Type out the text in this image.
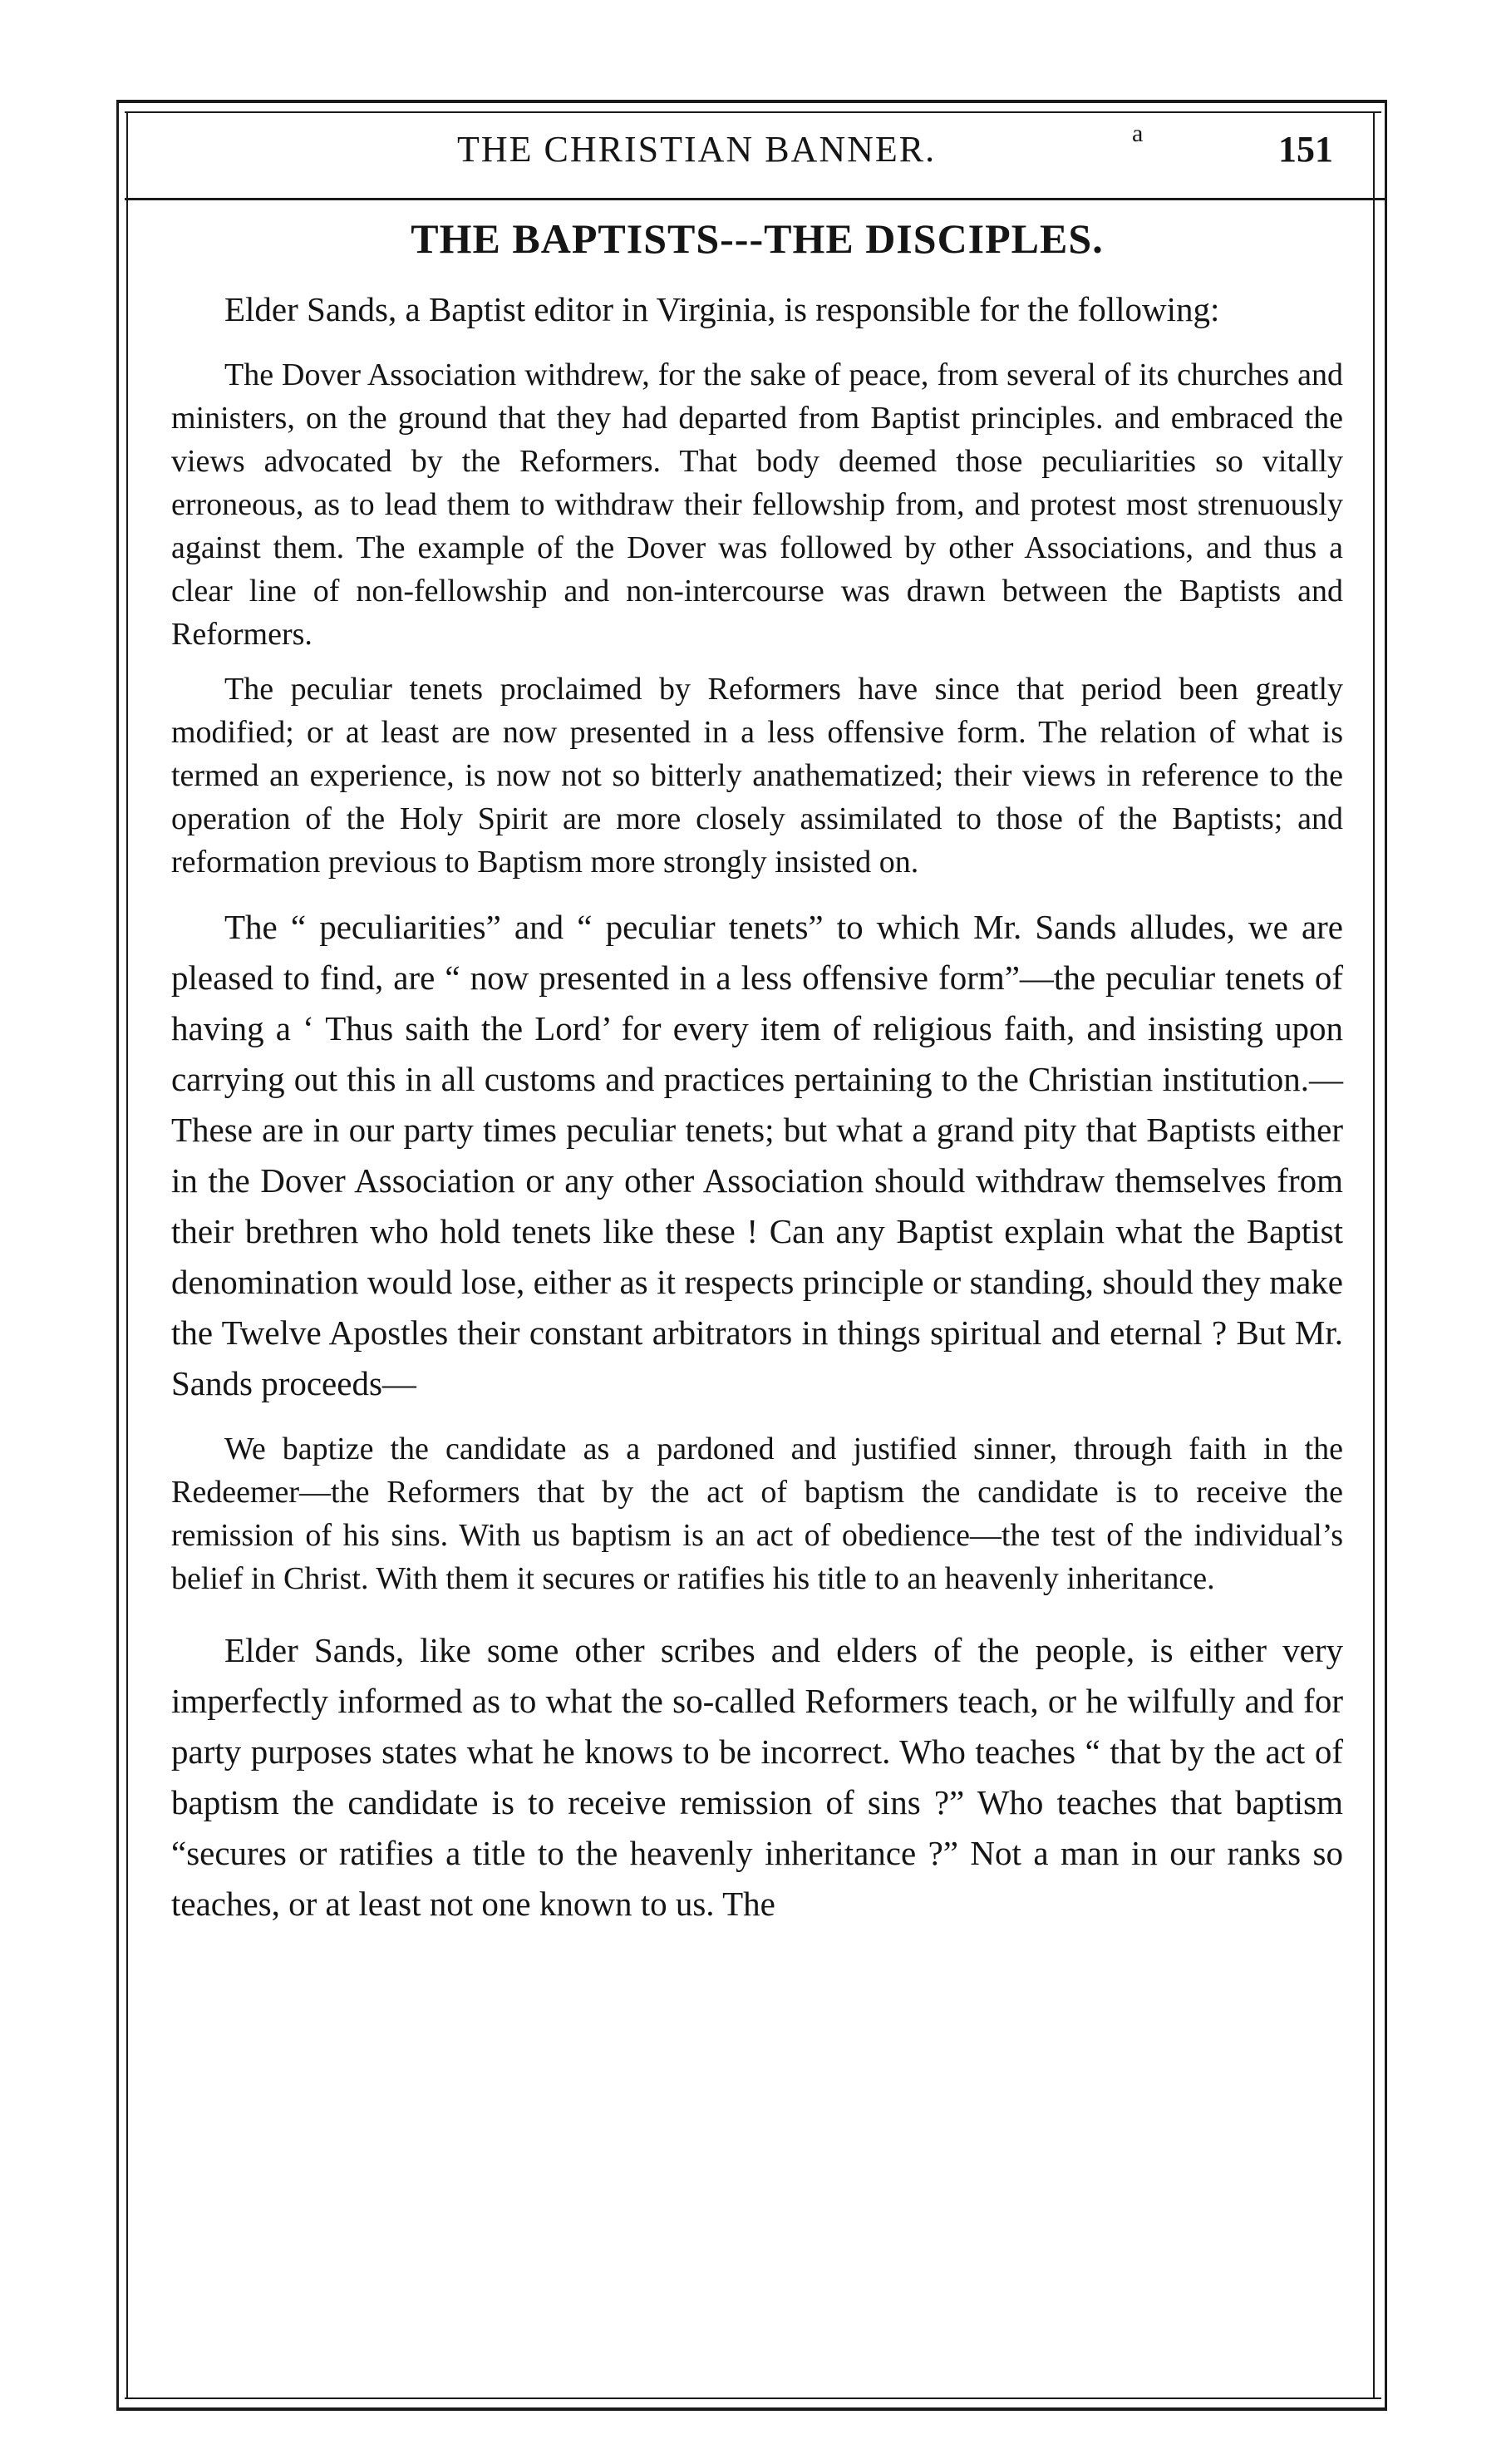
THE CHRISTIAN BANNER.	a	151
THE BAPTISTS---THE DISCIPLES.

Elder Sands, a Baptist editor in Virginia, is responsible for the following:

The Dover Association withdrew, for the sake of peace, from several of its churches and ministers, on the ground that they had departed from Baptist principles. and embraced the views advocated by the Reformers. That body deemed those peculiarities so vitally erroneous, as to lead them to withdraw their fellowship from, and protest most strenuously against them. The example of the Dover was followed by other Associations, and thus a clear line of non-fellowship and non-intercourse was drawn between the Baptists and Reformers.

The peculiar tenets proclaimed by Reformers have since that period been greatly modified; or at least are now presented in a less offensive form. The relation of what is termed an experience, is now not so bitterly anathematized; their views in reference to the operation of the Holy Spirit are more closely assimilated to those of the Baptists; and reformation previous to Baptism more strongly insisted on.

The “ peculiarities” and “ peculiar tenets” to which Mr. Sands alludes, we are pleased to find, are “ now presented in a less offensive form”—the peculiar tenets of having a ‘ Thus saith the Lord’ for every item of religious faith, and insisting upon carrying out this in all customs and practices pertaining to the Christian institution.—These are in our party times peculiar tenets; but what a grand pity that Baptists either in the Dover Association or any other Association should withdraw themselves from their brethren who hold tenets like these ! Can any Baptist explain what the Baptist denomination would lose, either as it respects principle or standing, should they make the Twelve Apostles their constant arbitrators in things spiritual and eternal ? But Mr. Sands proceeds—

We baptize the candidate as a pardoned and justified sinner, through faith in the Redeemer—the Reformers that by the act of baptism the candidate is to receive the remission of his sins. With us baptism is an act of obedience—the test of the individual’s belief in Christ. With them it secures or ratifies his title to an heavenly inheritance.

Elder Sands, like some other scribes and elders of the people, is either very imperfectly informed as to what the so-called Reformers teach, or he wilfully and for party purposes states what he knows to be incorrect. Who teaches “ that by the act of baptism the candidate is to receive remission of sins ?” Who teaches that baptism “secures or ratifies a title to the heavenly inheritance ?” Not a man in our ranks so teaches, or at least not one known to us. The
